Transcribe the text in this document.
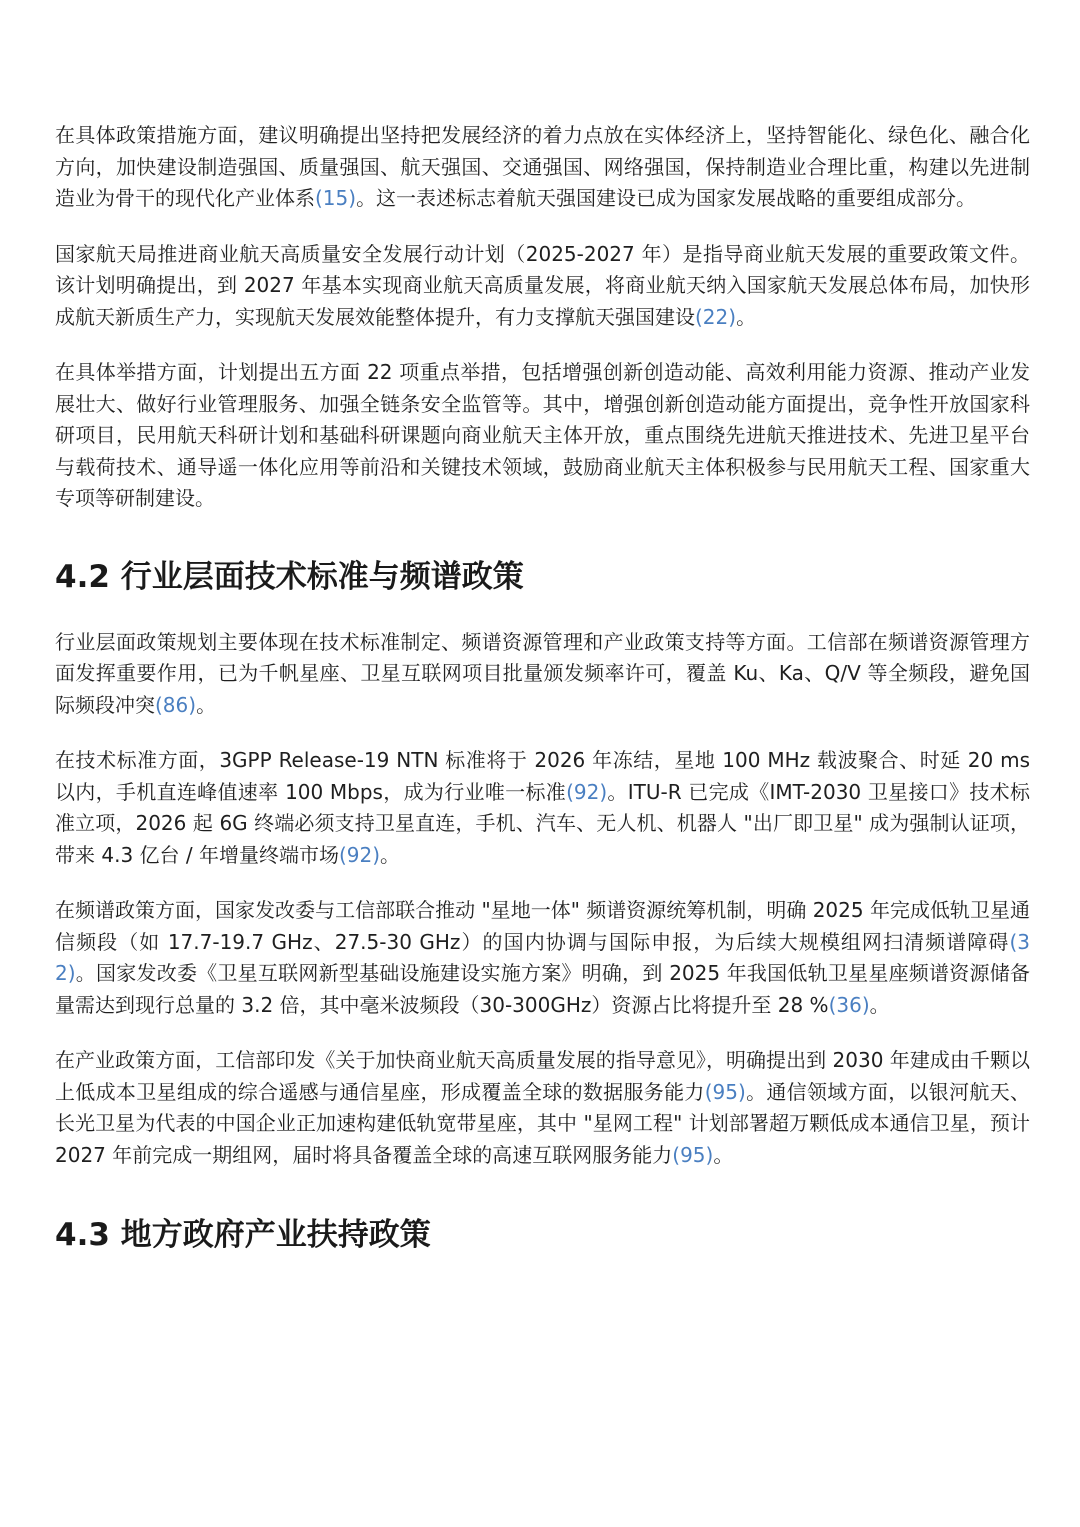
在具体政策措施方面，建议明确提出坚持把发展经济的着力点放在实体经济上，坚持智能化、绿色化、融合化方向，加快建设制造强国、质量强国、航天强国、交通强国、网络强国，保持制造业合理比重，构建以先进制造业为骨干的现代化产业体系(15)。这一表述标志着航天强国建设已成为国家发展战略的重要组成部分。

国家航天局推进商业航天高质量安全发展行动计划（2025-2027 年）是指导商业航天发展的重要政策文件。该计划明确提出，到 2027 年基本实现商业航天高质量发展，将商业航天纳入国家航天发展总体布局，加快形成航天新质生产力，实现航天发展效能整体提升，有力支撑航天强国建设(22)。

在具体举措方面，计划提出五方面 22 项重点举措，包括增强创新创造动能、高效利用能力资源、推动产业发展壮大、做好行业管理服务、加强全链条安全监管等。其中，增强创新创造动能方面提出，竞争性开放国家科研项目，民用航天科研计划和基础科研课题向商业航天主体开放，重点围绕先进航天推进技术、先进卫星平台与载荷技术、通导遥一体化应用等前沿和关键技术领域，鼓励商业航天主体积极参与民用航天工程、国家重大专项等研制建设。

4.2 行业层面技术标准与频谱政策

行业层面政策规划主要体现在技术标准制定、频谱资源管理和产业政策支持等方面。工信部在频谱资源管理方面发挥重要作用，已为千帆星座、卫星互联网项目批量颁发频率许可，覆盖 Ku、Ka、Q/V 等全频段，避免国际频段冲突(86)。

在技术标准方面，3GPP Release-19 NTN 标准将于 2026 年冻结，星地 100 MHz 载波聚合、时延 20 ms 以内，手机直连峰值速率 100 Mbps，成为行业唯一标准(92)。ITU-R 已完成《IMT-2030 卫星接口》技术标准立项，2026 起 6G 终端必须支持卫星直连，手机、汽车、无人机、机器人 "出厂即卫星" 成为强制认证项，带来 4.3 亿台 / 年增量终端市场(92)。

在频谱政策方面，国家发改委与工信部联合推动 "星地一体" 频谱资源统筹机制，明确 2025 年完成低轨卫星通信频段（如 17.7-19.7 GHz、27.5-30 GHz）的国内协调与国际申报，为后续大规模组网扫清频谱障碍(32)。国家发改委《卫星互联网新型基础设施建设实施方案》明确，到 2025 年我国低轨卫星星座频谱资源储备量需达到现行总量的 3.2 倍，其中毫米波频段（30-300GHz）资源占比将提升至 28 %(36)。

在产业政策方面，工信部印发《关于加快商业航天高质量发展的指导意见》，明确提出到 2030 年建成由千颗以上低成本卫星组成的综合遥感与通信星座，形成覆盖全球的数据服务能力(95)。通信领域方面，以银河航天、长光卫星为代表的中国企业正加速构建低轨宽带星座，其中 "星网工程" 计划部署超万颗低成本通信卫星，预计 2027 年前完成一期组网，届时将具备覆盖全球的高速互联网服务能力(95)。

4.3 地方政府产业扶持政策
